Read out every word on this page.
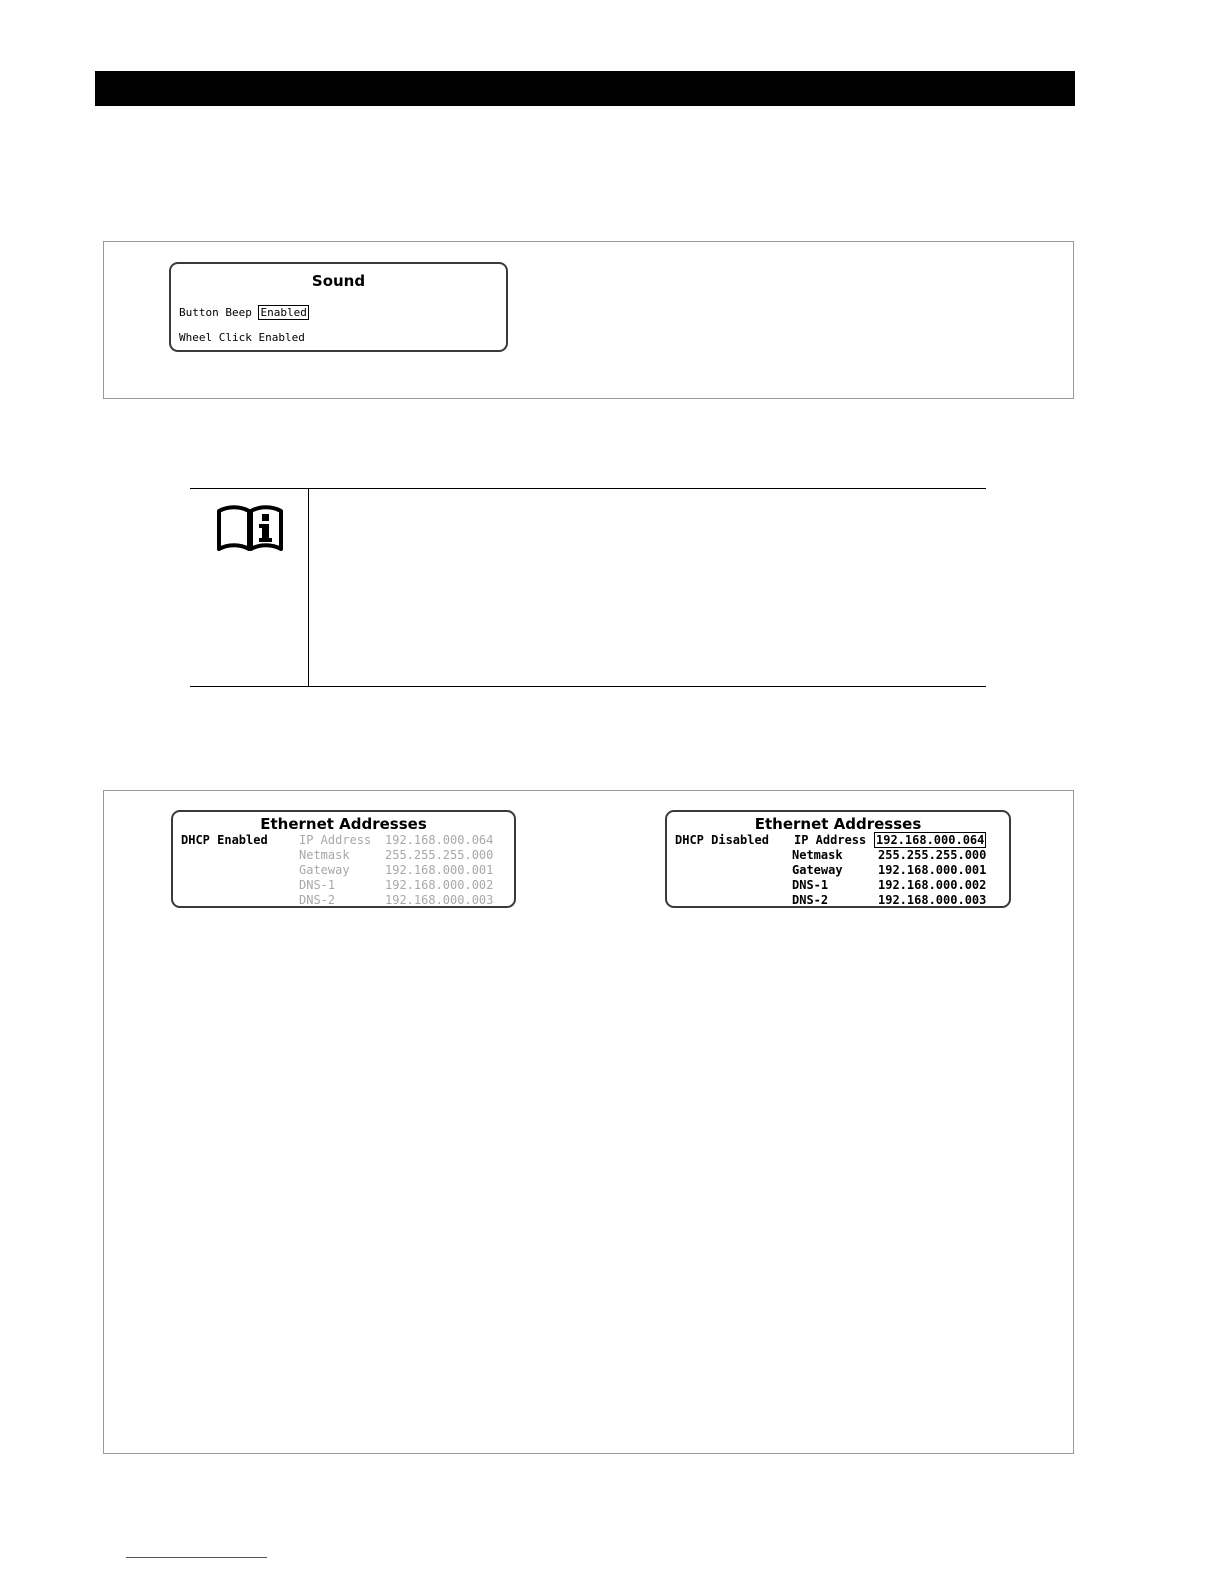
Sound
Button Beep Enabled
Wheel Click Enabled
Ethernet Addresses
DHCP Enabled	IP Address 192.168.000.064
Netmask	255.255.255.000
Gateway	192.168.000.001
DNS-1	192.168.000.002
DNS-2	192.168.000.003
Ethernet Addresses
DHCP Disabled IP Address 192.168.000.064
Netmask	255.255.255.000
Gateway	192.168.000.001
DNS-1	192.168.000.002
DNS-2	192.168.000.003
